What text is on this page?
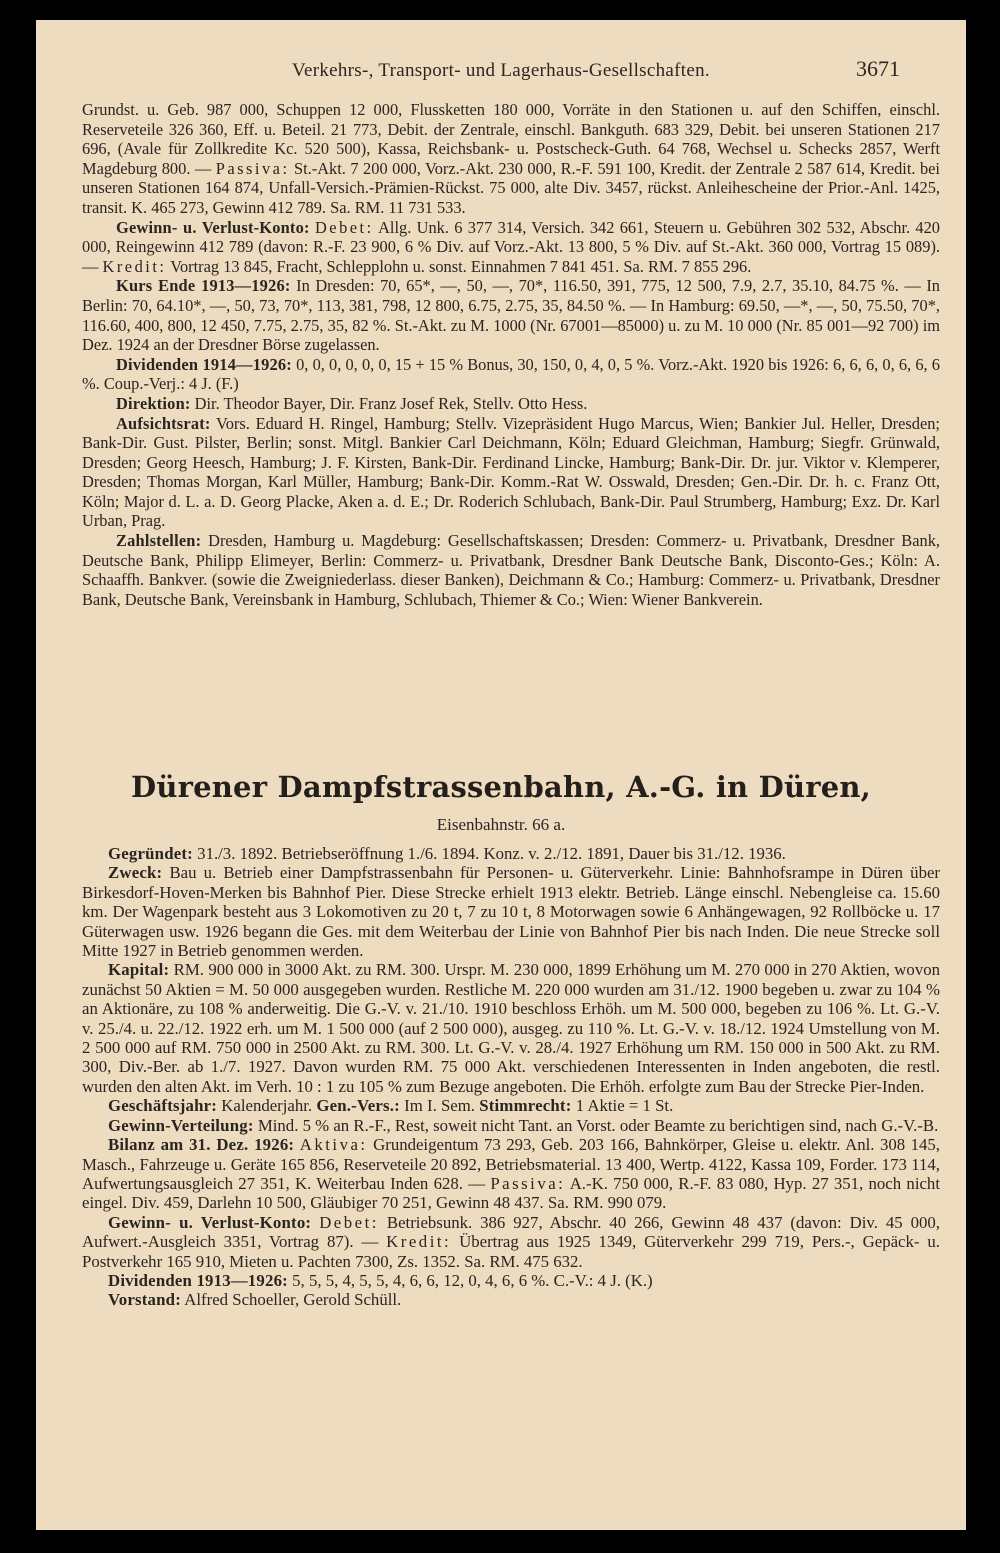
Verkehrs-, Transport- und Lagerhaus-Gesellschaften.	3671

Grundst. u. Geb. 987 000, Schuppen 12 000, Flussketten 180 000, Vorräte in den Stationen u. auf den Schiffen, einschl. Reserveteile 326 360, Eff. u. Beteil. 21 773, Debit. der Zentrale, einschl. Bankguth. 683 329, Debit. bei unseren Stationen 217 696, (Avale für Zollkredite Kc. 520 500), Kassa, Reichsbank- u. Postscheck-Guth. 64 768, Wechsel u. Schecks 2857, Werft Magdeburg 800. — Passiva: St.-Akt. 7 200 000, Vorz.-Akt. 230 000, R.-F. 591 100, Kredit. der Zentrale 2 587 614, Kredit. bei unseren Stationen 164 874, Unfall-Versich.-Prämien-Rückst. 75 000, alte Div. 3457, rückst. Anleihescheine der Prior.-Anl. 1425, transit. K. 465 273, Gewinn 412 789. Sa. RM. 11 731 533.

Gewinn- u. Verlust-Konto: Debet: Allg. Unk. 6 377 314, Versich. 342 661, Steuern u. Gebühren 302 532, Abschr. 420 000, Reingewinn 412 789 (davon: R.-F. 23 900, 6 % Div. auf Vorz.-Akt. 13 800, 5 % Div. auf St.-Akt. 360 000, Vortrag 15 089). — Kredit: Vortrag 13 845, Fracht, Schlepplohn u. sonst. Einnahmen 7 841 451. Sa. RM. 7 855 296.

Kurs Ende 1913—1926: In Dresden: 70, 65*, —, 50, —, 70*, 116.50, 391, 775, 12 500, 7.9, 2.7, 35.10, 84.75 %. — In Berlin: 70, 64.10*, —, 50, 73, 70*, 113, 381, 798, 12 800, 6.75, 2.75, 35, 84.50 %. — In Hamburg: 69.50, —*, —, 50, 75.50, 70*, 116.60, 400, 800, 12 450, 7.75, 2.75, 35, 82 %. St.-Akt. zu M. 1000 (Nr. 67001—85000) u. zu M. 10 000 (Nr. 85 001—92 700) im Dez. 1924 an der Dresdner Börse zugelassen.

Dividenden 1914—1926: 0, 0, 0, 0, 0, 0, 15 + 15 % Bonus, 30, 150, 0, 4, 0, 5 %. Vorz.-Akt. 1920 bis 1926: 6, 6, 6, 0, 6, 6, 6 %. Coup.-Verj.: 4 J. (F.)

Direktion: Dir. Theodor Bayer, Dir. Franz Josef Rek, Stellv. Otto Hess.

Aufsichtsrat: Vors. Eduard H. Ringel, Hamburg; Stellv. Vizepräsident Hugo Marcus, Wien; Bankier Jul. Heller, Dresden; Bank-Dir. Gust. Pilster, Berlin; sonst. Mitgl. Bankier Carl Deichmann, Köln; Eduard Gleichman, Hamburg; Siegfr. Grünwald, Dresden; Georg Heesch, Hamburg; J. F. Kirsten, Bank-Dir. Ferdinand Lincke, Hamburg; Bank-Dir. Dr. jur. Viktor v. Klemperer, Dresden; Thomas Morgan, Karl Müller, Hamburg; Bank-Dir. Komm.-Rat W. Osswald, Dresden; Gen.-Dir. Dr. h. c. Franz Ott, Köln; Major d. L. a. D. Georg Placke, Aken a. d. E.; Dr. Roderich Schlubach, Bank-Dir. Paul Strumberg, Hamburg; Exz. Dr. Karl Urban, Prag.

Zahlstellen: Dresden, Hamburg u. Magdeburg: Gesellschaftskassen; Dresden: Commerz- u. Privatbank, Dresdner Bank, Deutsche Bank, Philipp Elimeyer, Berlin: Commerz- u. Privatbank, Dresdner Bank Deutsche Bank, Disconto-Ges.; Köln: A. Schaaffh. Bankver. (sowie die Zweigniederlass. dieser Banken), Deichmann & Co.; Hamburg: Commerz- u. Privatbank, Dresdner Bank, Deutsche Bank, Vereinsbank in Hamburg, Schlubach, Thiemer & Co.; Wien: Wiener Bankverein.

Dürener Dampfstrassenbahn, A.-G. in Düren,
Eisenbahnstr. 66 a.

Gegründet: 31./3. 1892. Betriebseröffnung 1./6. 1894. Konz. v. 2./12. 1891, Dauer bis 31./12. 1936.

Zweck: Bau u. Betrieb einer Dampfstrassenbahn für Personen- u. Güterverkehr. Linie: Bahnhofsrampe in Düren über Birkesdorf-Hoven-Merken bis Bahnhof Pier. Diese Strecke erhielt 1913 elektr. Betrieb. Länge einschl. Nebengleise ca. 15.60 km. Der Wagenpark besteht aus 3 Lokomotiven zu 20 t, 7 zu 10 t, 8 Motorwagen sowie 6 Anhängewagen, 92 Rollböcke u. 17 Güterwagen usw. 1926 begann die Ges. mit dem Weiterbau der Linie von Bahnhof Pier bis nach Inden. Die neue Strecke soll Mitte 1927 in Betrieb genommen werden.

Kapital: RM. 900 000 in 3000 Akt. zu RM. 300. Urspr. M. 230 000, 1899 Erhöhung um M. 270 000 in 270 Aktien, wovon zunächst 50 Aktien = M. 50 000 ausgegeben wurden. Restliche M. 220 000 wurden am 31./12. 1900 begeben u. zwar zu 104 % an Aktionäre, zu 108 % anderweitig. Die G.-V. v. 21./10. 1910 beschloss Erhöh. um M. 500 000, begeben zu 106 %. Lt. G.-V. v. 25./4. u. 22./12. 1922 erh. um M. 1 500 000 (auf 2 500 000), ausgeg. zu 110 %. Lt. G.-V. v. 18./12. 1924 Umstellung von M. 2 500 000 auf RM. 750 000 in 2500 Akt. zu RM. 300. Lt. G.-V. v. 28./4. 1927 Erhöhung um RM. 150 000 in 500 Akt. zu RM. 300, Div.-Ber. ab 1./7. 1927. Davon wurden RM. 75 000 Akt. verschiedenen Interessenten in Inden angeboten, die restl. wurden den alten Akt. im Verh. 10 : 1 zu 105 % zum Bezuge angeboten. Die Erhöh. erfolgte zum Bau der Strecke Pier-Inden.

Geschäftsjahr: Kalenderjahr. Gen.-Vers.: Im I. Sem. Stimmrecht: 1 Aktie = 1 St.

Gewinn-Verteilung: Mind. 5 % an R.-F., Rest, soweit nicht Tant. an Vorst. oder Beamte zu berichtigen sind, nach G.-V.-B.

Bilanz am 31. Dez. 1926: Aktiva: Grundeigentum 73 293, Geb. 203 166, Bahnkörper, Gleise u. elektr. Anl. 308 145, Masch., Fahrzeuge u. Geräte 165 856, Reserveteile 20 892, Betriebsmaterial. 13 400, Wertp. 4122, Kassa 109, Forder. 173 114, Aufwertungsausgleich 27 351, K. Weiterbau Inden 628. — Passiva: A.-K. 750 000, R.-F. 83 080, Hyp. 27 351, noch nicht eingel. Div. 459, Darlehn 10 500, Gläubiger 70 251, Gewinn 48 437. Sa. RM. 990 079.

Gewinn- u. Verlust-Konto: Debet: Betriebsunk. 386 927, Abschr. 40 266, Gewinn 48 437 (davon: Div. 45 000, Aufwert.-Ausgleich 3351, Vortrag 87). — Kredit: Übertrag aus 1925 1349, Güterverkehr 299 719, Pers.-, Gepäck- u. Postverkehr 165 910, Mieten u. Pachten 7300, Zs. 1352. Sa. RM. 475 632.

Dividenden 1913—1926: 5, 5, 5, 4, 5, 5, 4, 6, 6, 12, 0, 4, 6, 6 %. C.-V.: 4 J. (K.)

Vorstand: Alfred Schoeller, Gerold Schüll.
